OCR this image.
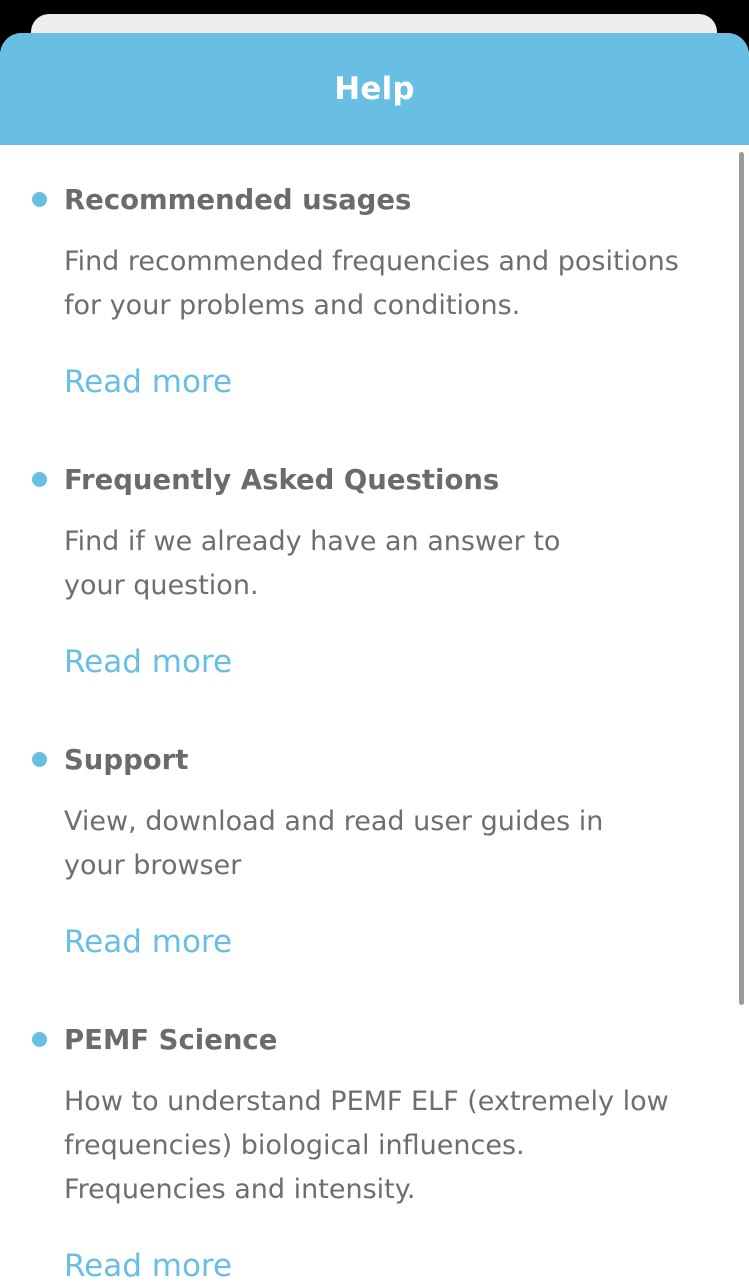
Help
Recommended usages
Find recommended frequencies and positions for your problems and conditions.
Read more
Frequently Asked Questions
Find if we already have an answer to your question.
Read more
Support
View, download and read user guides in your browser
Read more
PEMF Science
How to understand PEMF ELF (extremely low frequencies) biological influences. Frequencies and intensity.
Read more
